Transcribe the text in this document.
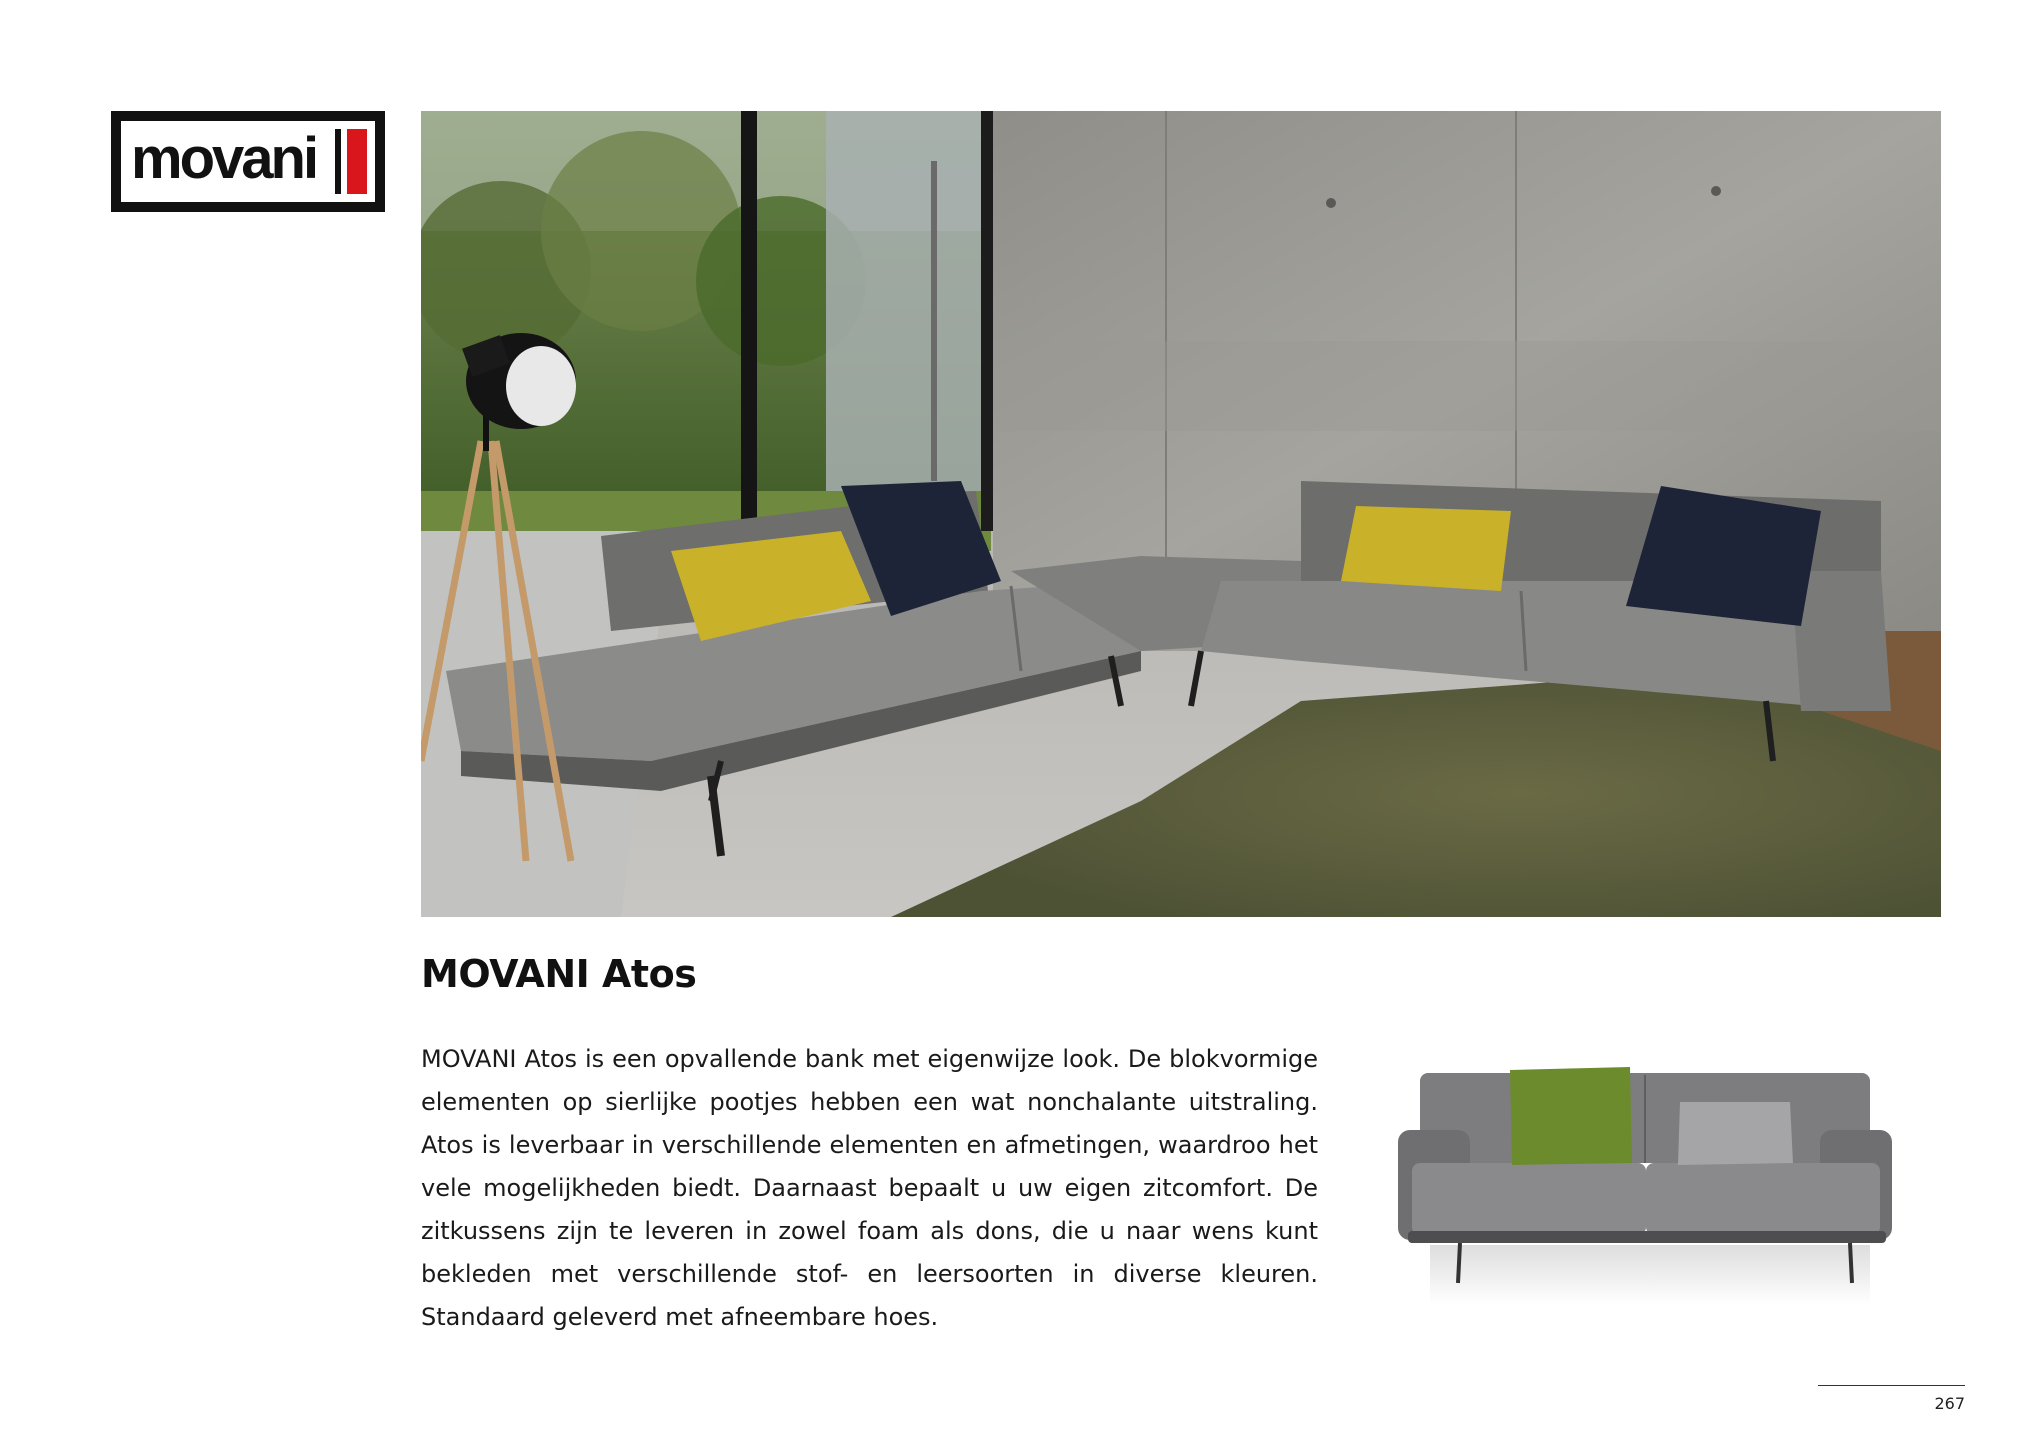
movani
MOVANI Atos

MOVANI Atos is een opvallende bank met eigenwijze look. De blokvormige elementen op sierlijke pootjes hebben een wat nonchalante uitstraling. Atos is leverbaar in verschillende elementen en afmetingen, waardroo het vele mogelijkheden biedt. Daarnaast bepaalt u uw eigen zitcomfort. De zitkussens zijn te leveren in zowel foam als dons, die u naar wens kunt bekleden met verschillende stof- en leersoorten in diverse kleuren. Standaard geleverd met afneembare hoes.

267
